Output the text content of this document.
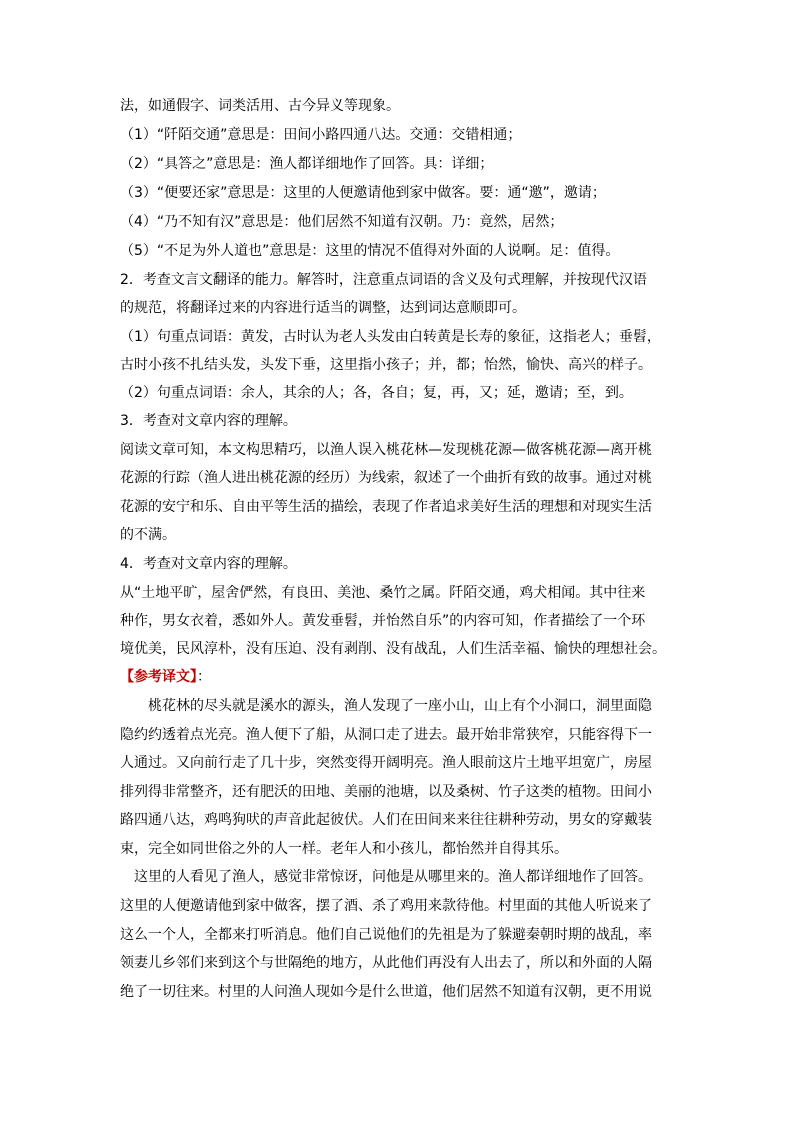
法，如通假字、词类活用、古今异义等现象。
（1）“阡陌交通”意思是：田间小路四通八达。交通：交错相通；
（2）“具答之”意思是：渔人都详细地作了回答。具：详细；
（3）“便要还家”意思是：这里的人便邀请他到家中做客。要：通“邀”，邀请；
（4）“乃不知有汉”意思是：他们居然不知道有汉朝。乃：竟然，居然；
（5）“不足为外人道也”意思是：这里的情况不值得对外面的人说啊。足：值得。
2．考查文言文翻译的能力。解答时，注意重点词语的含义及句式理解，并按现代汉语
的规范，将翻译过来的内容进行适当的调整，达到词达意顺即可。
（1）句重点词语：黄发，古时认为老人头发由白转黄是长寿的象征，这指老人；垂髫，
古时小孩不扎结头发，头发下垂，这里指小孩子；并，都；怡然，愉快、高兴的样子。
（2）句重点词语：余人，其余的人；各，各自；复，再，又；延，邀请；至，到。
3．考查对文章内容的理解。
阅读文章可知，本文构思精巧，以渔人误入桃花林—发现桃花源—做客桃花源—离开桃
花源的行踪（渔人进出桃花源的经历）为线索，叙述了一个曲折有致的故事。通过对桃
花源的安宁和乐、自由平等生活的描绘，表现了作者追求美好生活的理想和对现实生活
的不满。
4．考查对文章内容的理解。
从“土地平旷，屋舍俨然，有良田、美池、桑竹之属。阡陌交通，鸡犬相闻。其中往来
种作，男女衣着，悉如外人。黄发垂髫，并怡然自乐”的内容可知，作者描绘了一个环
境优美，民风淳朴，没有压迫、没有剥削、没有战乱，人们生活幸福、愉快的理想社会。
【参考译文】：
桃花林的尽头就是溪水的源头，渔人发现了一座小山，山上有个小洞口，洞里面隐
隐约约透着点光亮。渔人便下了船，从洞口走了进去。最开始非常狭窄，只能容得下一
人通过。又向前行走了几十步，突然变得开阔明亮。渔人眼前这片土地平坦宽广，房屋
排列得非常整齐，还有肥沃的田地、美丽的池塘，以及桑树、竹子这类的植物。田间小
路四通八达，鸡鸣狗吠的声音此起彼伏。人们在田间来来往往耕种劳动，男女的穿戴装
束，完全如同世俗之外的人一样。老年人和小孩儿，都怡然并自得其乐。
这里的人看见了渔人，感觉非常惊讶，问他是从哪里来的。渔人都详细地作了回答。
这里的人便邀请他到家中做客，摆了酒、杀了鸡用来款待他。村里面的其他人听说来了
这么一个人，全都来打听消息。他们自己说他们的先祖是为了躲避秦朝时期的战乱，率
领妻儿乡邻们来到这个与世隔绝的地方，从此他们再没有人出去了，所以和外面的人隔
绝了一切往来。村里的人问渔人现如今是什么世道，他们居然不知道有汉朝，更不用说
